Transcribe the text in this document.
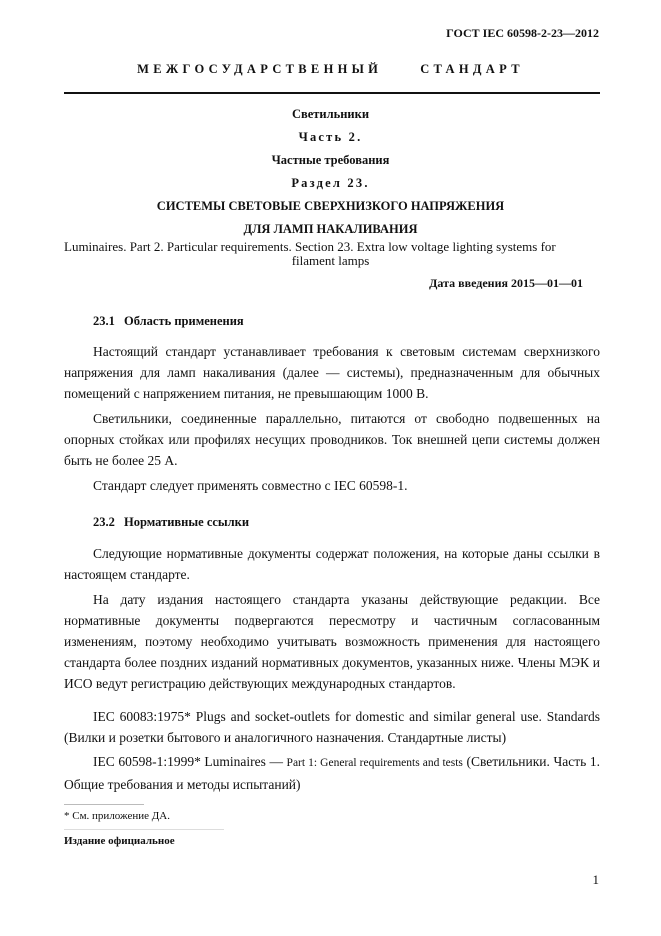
ГОСТ IEC 60598-2-23—2012
МЕЖГОСУДАРСТВЕННЫЙ	СТАНДАРТ
Светильники
Часть 2.
Частные требования
Раздел 23.
СИСТЕМЫ СВЕТОВЫЕ СВЕРХНИЗКОГО НАПРЯЖЕНИЯ
ДЛЯ ЛАМП НАКАЛИВАНИЯ
Luminaires. Part 2. Particular requirements. Section 23. Extra low voltage lighting systems for
filament lamps
Дата введения 2015—01—01
23.1 Область применения

Настоящий стандарт устанавливает требования к световым системам сверхнизкого напряжения для ламп накаливания (далее — системы), предназначенным для обычных помещений с напряжением питания, не превышающим 1000 В.

Светильники, соединенные параллельно, питаются от свободно подвешенных на опорных стойках или профилях несущих проводников. Ток внешней цепи системы должен быть не более 25 А.

Стандарт следует применять совместно с IEC 60598-1.

23.2 Нормативные ссылки

Следующие нормативные документы содержат положения, на которые даны ссылки в настоящем стандарте.

На дату издания настоящего стандарта указаны действующие редакции. Все нормативные документы подвергаются пересмотру и частичным согласованным изменениям, поэтому необходимо учитывать возможность применения для настоящего стандарта более поздних изданий нормативных документов, указанных ниже. Члены МЭК и ИСО ведут регистрацию действующих международных стандартов.

IEC 60083:1975* Plugs and socket-outlets for domestic and similar general use. Standards (Вилки и розетки бытового и аналогичного назначения. Стандартные листы)

IEC 60598-1:1999* Luminaires — Part 1: General requirements and tests (Светильники. Часть 1. Общие требования и методы испытаний)

* См. приложение ДА.
Издание официальное
1
